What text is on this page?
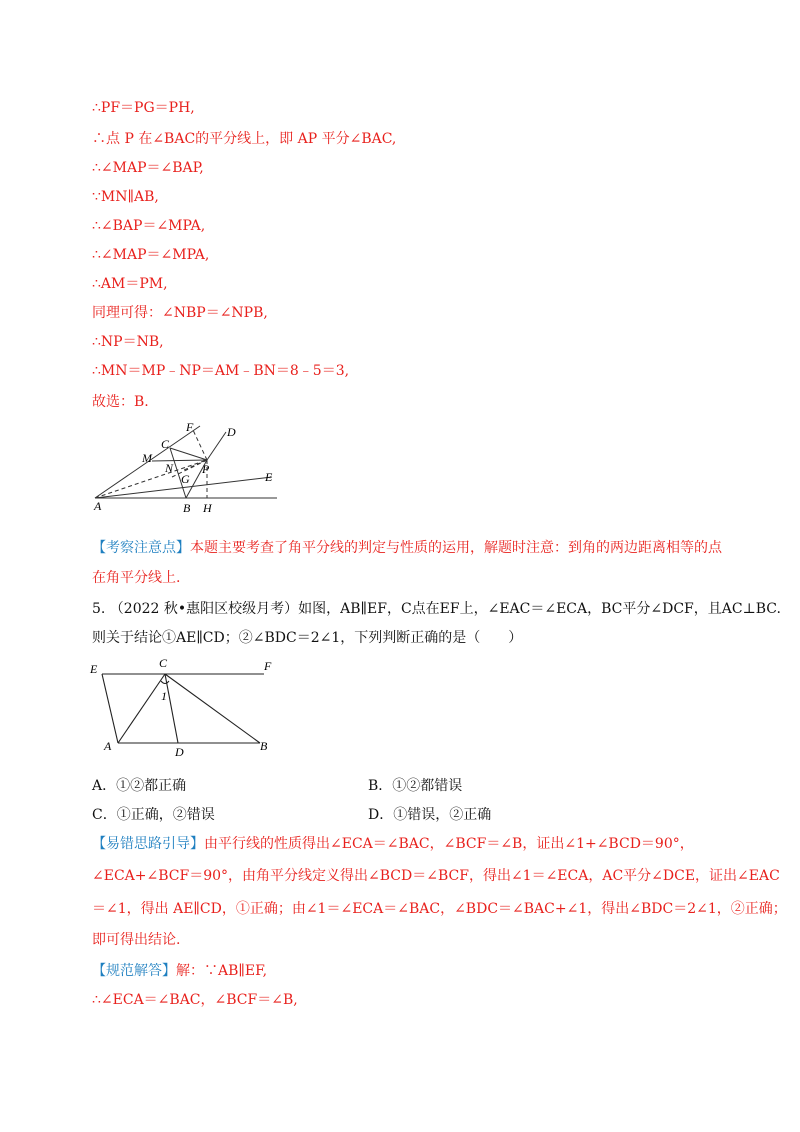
∴PF＝PG＝PH,
∴点 P 在∠BAC的平分线上，即 AP 平分∠BAC,
∴∠MAP＝∠BAP,
∵MN∥AB,
∴∠BAP＝∠MPA,
∴∠MAP＝∠MPA,
∴AM＝PM,
同理可得：∠NBP＝∠NPB,
∴NP＝NB,
∴MN＝MP﹣NP＝AM﹣BN＝8﹣5＝3,
故选：B.
F	D
C
M
N P
G	E
A	B H
【考察注意点】本题主要考查了角平分线的判定与性质的运用，解题时注意：到角的两边距离相等的点
在角平分线上.
5. （2022 秋•惠阳区校级月考）如图，AB∥EF，C点在EF上，∠EAC＝∠ECA，BC平分∠DCF，且AC⊥BC.
则关于结论①AE∥CD；②∠BDC＝2∠1，下列判断正确的是（　　）
E	C	F
1
A	D	B
A．①②都正确	B．①②都错误
C．①正确，②错误	D．①错误，②正确
【易错思路引导】由平行线的性质得出∠ECA＝∠BAC，∠BCF＝∠B，证出∠1+∠BCD＝90°，
∠ECA+∠BCF＝90°，由角平分线定义得出∠BCD＝∠BCF，得出∠1＝∠ECA，AC平分∠DCE，证出∠EAC
＝∠1，得出 AE∥CD，①正确；由∠1＝∠ECA＝∠BAC，∠BDC＝∠BAC+∠1，得出∠BDC＝2∠1，②正确；
即可得出结论.
【规范解答】解：∵AB∥EF,
∴∠ECA＝∠BAC，∠BCF＝∠B,
